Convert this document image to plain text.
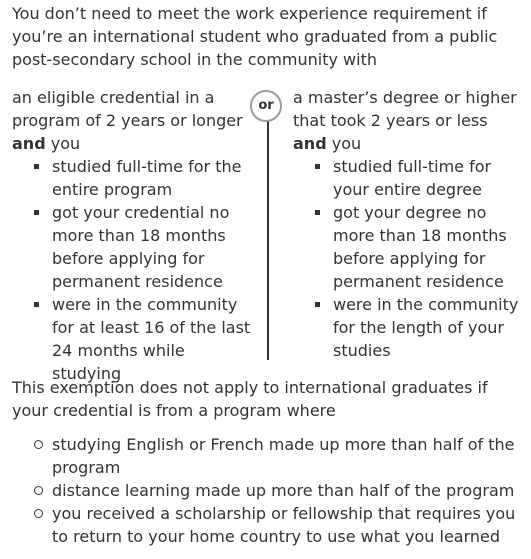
You don’t need to meet the work experience requirement if you’re an international student who graduated from a public post-secondary school in the community with

an eligible credential in a program of 2 years or longer and you

studied full-time for the entire program
got your credential no more than 18 months before applying for permanent residence
were in the community for at least 16 of the last 24 months while studying
or	a master’s degree or higher that took 2 years or less
and you

studied full-time for your entire degree
got your degree no more than 18 months before applying for permanent residence
were in the community for the length of your studies

This exemption does not apply to international graduates if your credential is from a program where

studying English or French made up more than half of the program
distance learning made up more than half of the program
you received a scholarship or fellowship that requires you to return to your home country to use what you learned
